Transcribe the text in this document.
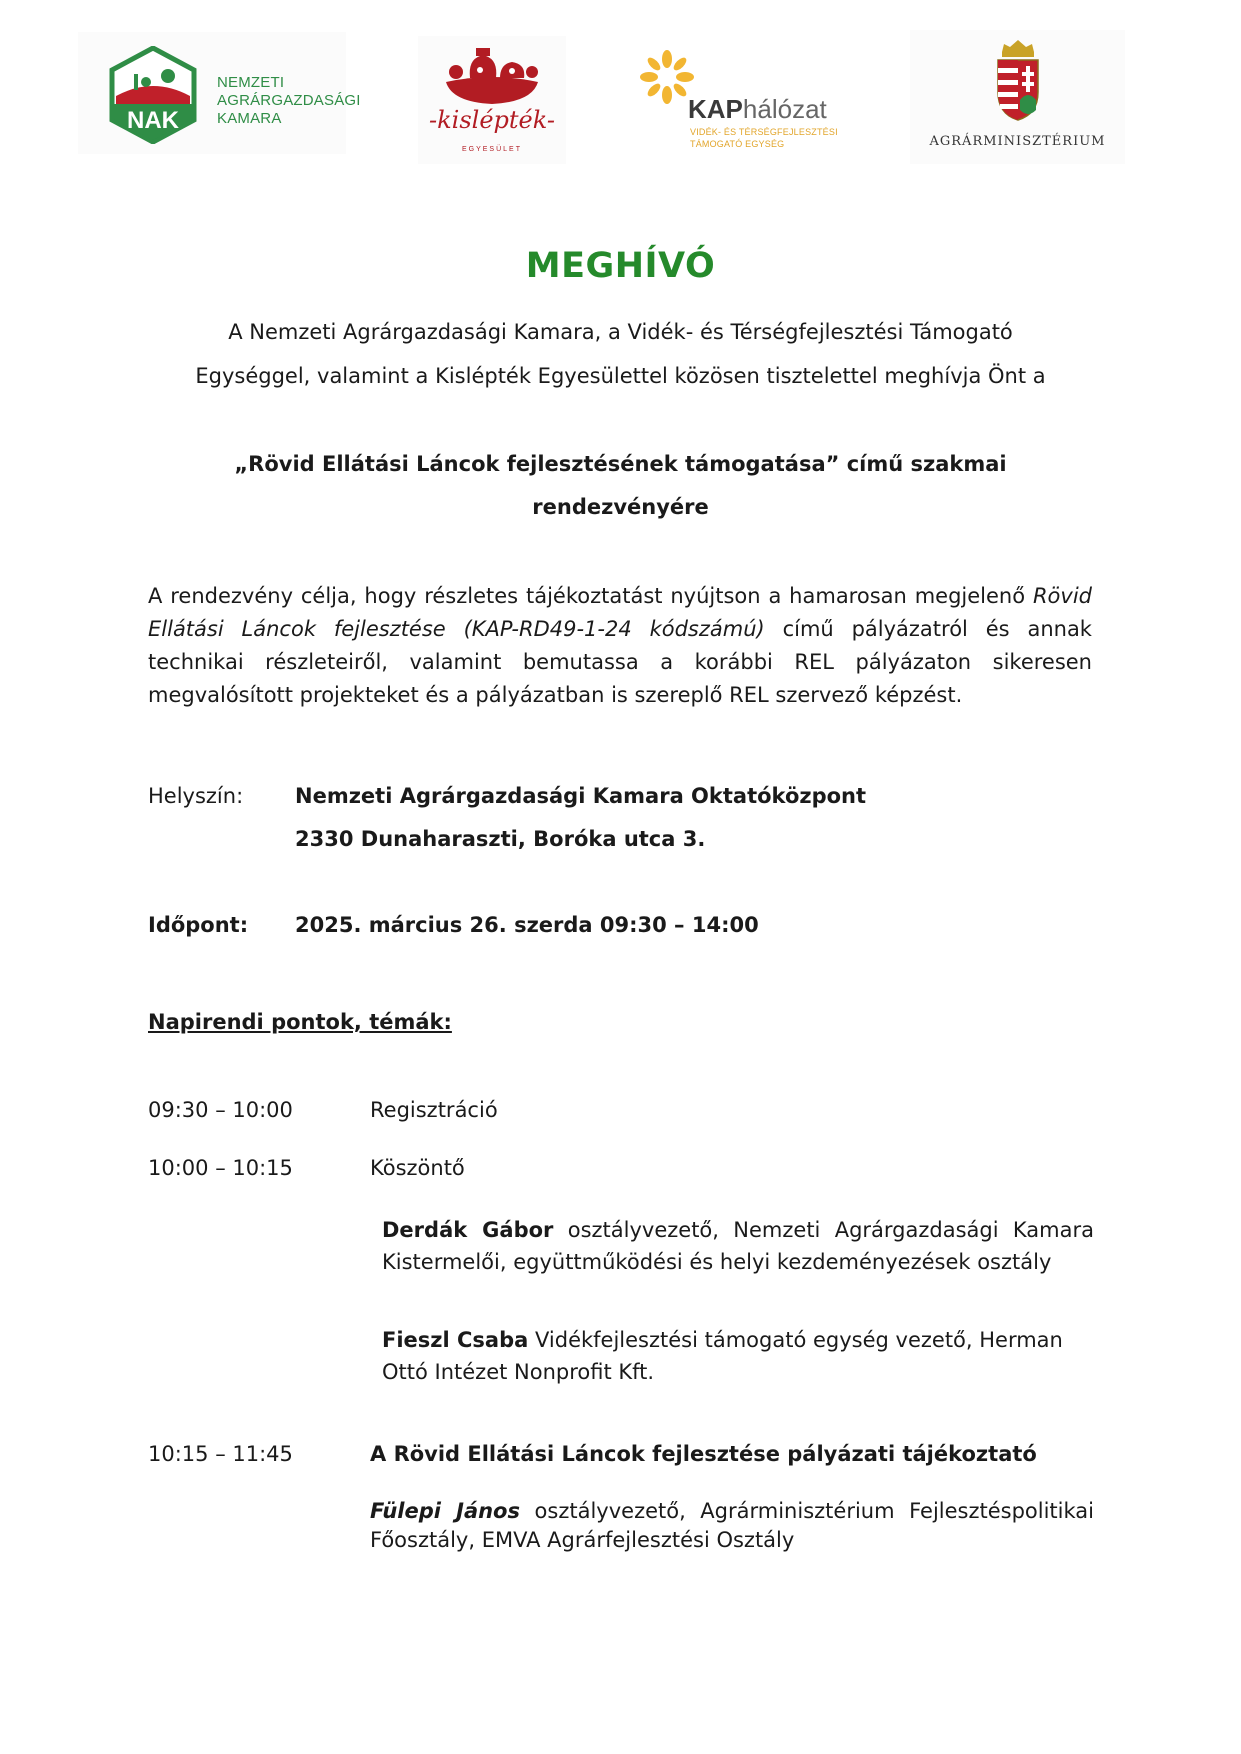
NAK
NEMZETI
AGRÁRGAZDASÁGI
KAMARA	-kislépték-
EGYESÜLET
KAPhálózat
VIDÉK- ÉS TÉRSÉGFEJLESZTÉSI
TÁMOGATÓ EGYSÉG	AGRÁRMINISZTÉRIUM
MEGHÍVÓ
A Nemzeti Agrárgazdasági Kamara, a Vidék- és Térségfejlesztési Támogató
Egységgel, valamint a Kislépték Egyesülettel közösen tisztelettel meghívja Önt a
„Rövid Ellátási Láncok fejlesztésének támogatása” című szakmai
rendezvényére
A rendezvény célja, hogy részletes tájékoztatást nyújtson a hamarosan megjelenő Rövid Ellátási Láncok fejlesztése (KAP-RD49-1-24 kódszámú) című pályázatról és annak technikai részleteiről, valamint bemutassa a korábbi REL pályázaton sikeresen megvalósított projekteket és a pályázatban is szereplő REL szervező képzést.
Helyszín: Nemzeti Agrárgazdasági Kamara Oktatóközpont
2330 Dunaharaszti, Boróka utca 3.
Időpont: 2025. március 26. szerda 09:30 – 14:00
Napirendi pontok, témák:
09:30 – 10:00	Regisztráció
10:00 – 10:15	Köszöntő
Derdák Gábor osztályvezető, Nemzeti Agrárgazdasági Kamara Kistermelői, együttműködési és helyi kezdeményezések osztály
Fieszl Csaba Vidékfejlesztési támogató egység vezető, Herman Ottó Intézet Nonprofit Kft.
10:15 – 11:45	A Rövid Ellátási Láncok fejlesztése pályázati tájékoztató
Fülepi János osztályvezető, Agrárminisztérium Fejlesztéspolitikai Főosztály, EMVA Agrárfejlesztési Osztály
